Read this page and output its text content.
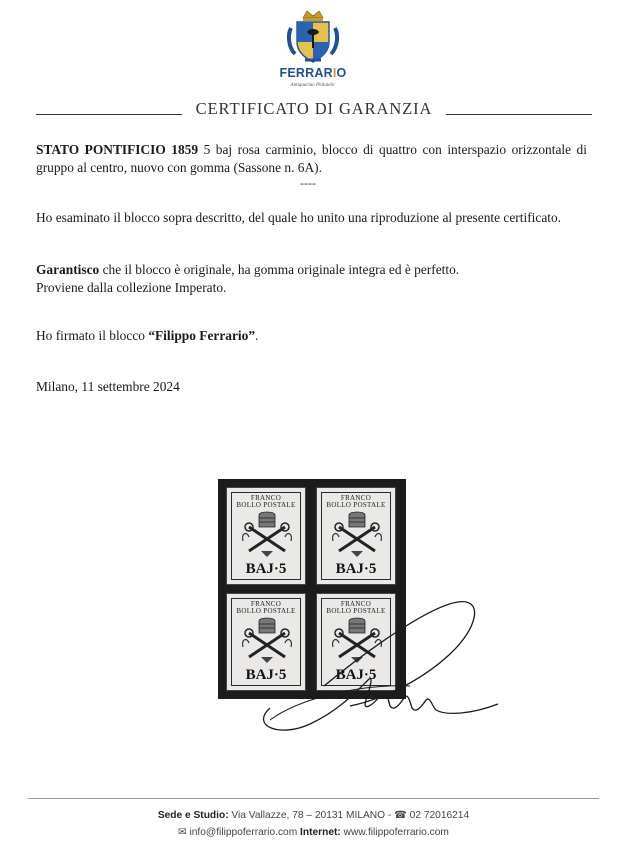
FERRARIO
Antiquarian Philatelic
CERTIFICATO DI GARANZIA
STATO PONTIFICIO 1859 5 baj rosa carminio, blocco di quattro con interspazio orizzontale di gruppo al centro, nuovo con gomma (Sassone n. 6A).
----
Ho esaminato il blocco sopra descritto, del quale ho unito una riproduzione al presente certificato.
Garantisco che il blocco è originale, ha gomma originale integra ed è perfetto.
Proviene dalla collezione Imperato.
Ho firmato il blocco “Filippo Ferrario”.
Milano, 11 settembre 2024
FRANCO
BOLLO POSTALE
BAJ·5
FRANCO
BOLLO POSTALE
BAJ·5
FRANCO
BOLLO POSTALE
BAJ·5
FRANCO
BOLLO POSTALE
BAJ·5
Sede e Studio: Via Vallazze, 78 – 20131 MILANO - ☎ 02 72016214
✉ info@filippoferrario.com Internet: www.filippoferrario.com
